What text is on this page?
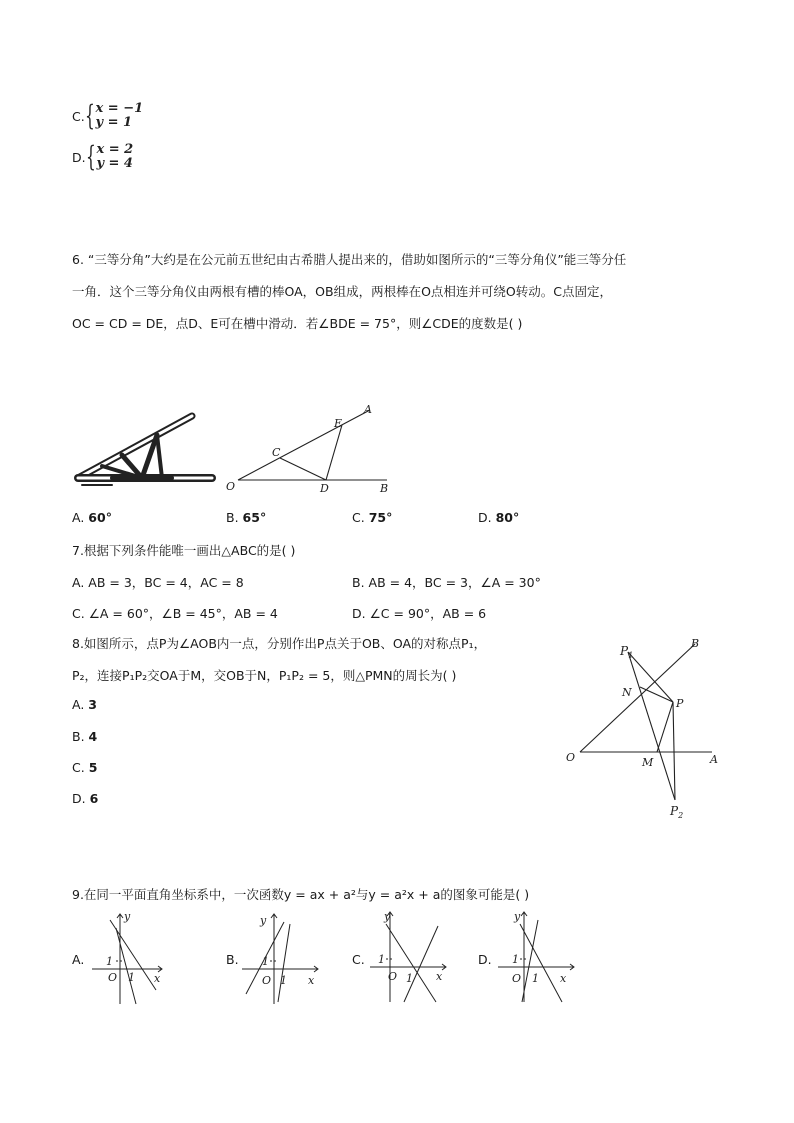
C. { x = −1
y = 1
D. { x = 2
y = 4
6. “三等分角”大约是在公元前五世纪由古希腊人提出来的，借助如图所示的“三等分角仪”能三等分任
一角．这个三等分角仪由两根有槽的棒OA，OB组成，两根棒在O点相连并可绕O转动。C点固定，
OC = CD = DE，点D、E可在槽中滑动．若∠BDE = 75°，则∠CDE的度数是( )
A
E
C
O	D	B
A. 60°	B. 65°	C. 75°	D. 80°
7.根据下列条件能唯一画出△ABC的是( )
A. AB = 3，BC = 4，AC = 8	B. AB = 4，BC = 3，∠A = 30°
C. ∠A = 60°，∠B = 45°，AB = 4	D. ∠C = 90°，AB = 6
8.如图所示，点P为∠AOB内一点，分别作出P点关于OB、OA的对称点P₁，
P₂，连接P₁P₂交OA于M，交OB于N，P₁P₂ = 5，则△PMN的周长为( )
A. 3
B. 4
C. 5
D. 6
$P_1$
B
N
P
O	M	A
$P_2$
9.在同一平面直角坐标系中，一次函数y = ax + a²与y = a²x + a的图象可能是( )
A.
y
1
O 1 x
B.
y
1
O 1 x
C.
y
1
O 1 x
D.
y
1
O 1 x
